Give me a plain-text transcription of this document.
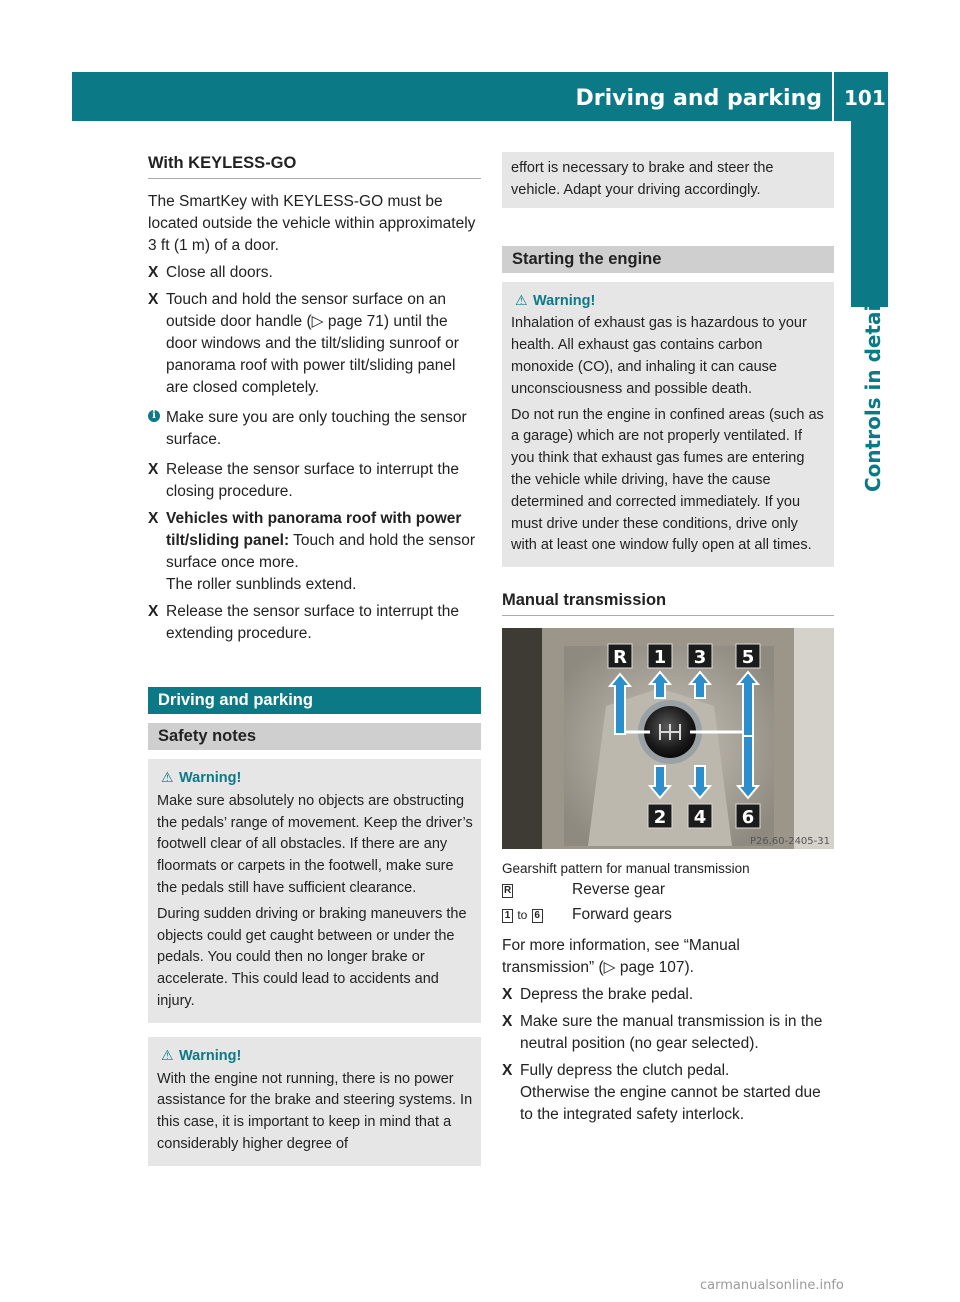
Driving and parking 101
Controls in detail
With KEYLESS-GO

The SmartKey with KEYLESS-GO must be located outside the vehicle within approximately 3 ft (1 m) of a door.

X Close all doors.
X Touch and hold the sensor surface on an outside door handle (▷ page 71) until the door windows and the tilt/sliding sunroof or panorama roof with power tilt/sliding panel are closed completely.
i Make sure you are only touching the sensor surface.
X Release the sensor surface to interrupt the closing procedure.
X Vehicles with panorama roof with power tilt/sliding panel: Touch and hold the sensor surface once more.
The roller sunblinds extend.
X Release the sensor surface to interrupt the extending procedure.
Driving and parking
Safety notes
⚠ Warning!

Make sure absolutely no objects are obstructing the pedals’ range of movement. Keep the driver’s footwell clear of all obstacles. If there are any floormats or carpets in the footwell, make sure the pedals still have sufficient clearance.

During sudden driving or braking maneuvers the objects could get caught between or under the pedals. You could then no longer brake or accelerate. This could lead to accidents and injury.

⚠ Warning!

With the engine not running, there is no power assistance for the brake and steering systems. In this case, it is important to keep in mind that a considerably higher degree of

effort is necessary to brake and steer the vehicle. Adapt your driving accordingly.
Starting the engine
⚠ Warning!

Inhalation of exhaust gas is hazardous to your health. All exhaust gas contains carbon monoxide (CO), and inhaling it can cause unconsciousness and possible death.

Do not run the engine in confined areas (such as a garage) which are not properly ventilated. If you think that exhaust gas fumes are entering the vehicle while driving, have the cause determined and corrected immediately. If you must drive under these conditions, drive only with at least one window fully open at all times.

Manual transmission
R 1 3 5
2 4 6
P26.60-2405-31
Gearshift pattern for manual transmission
R	Reverse gear
1 to 6 Forward gears

For more information, see “Manual transmission” (▷ page 107).

X Depress the brake pedal.
X Make sure the manual transmission is in the neutral position (no gear selected).
X Fully depress the clutch pedal.
Otherwise the engine cannot be started due to the integrated safety interlock.
carmanualsonline.info
